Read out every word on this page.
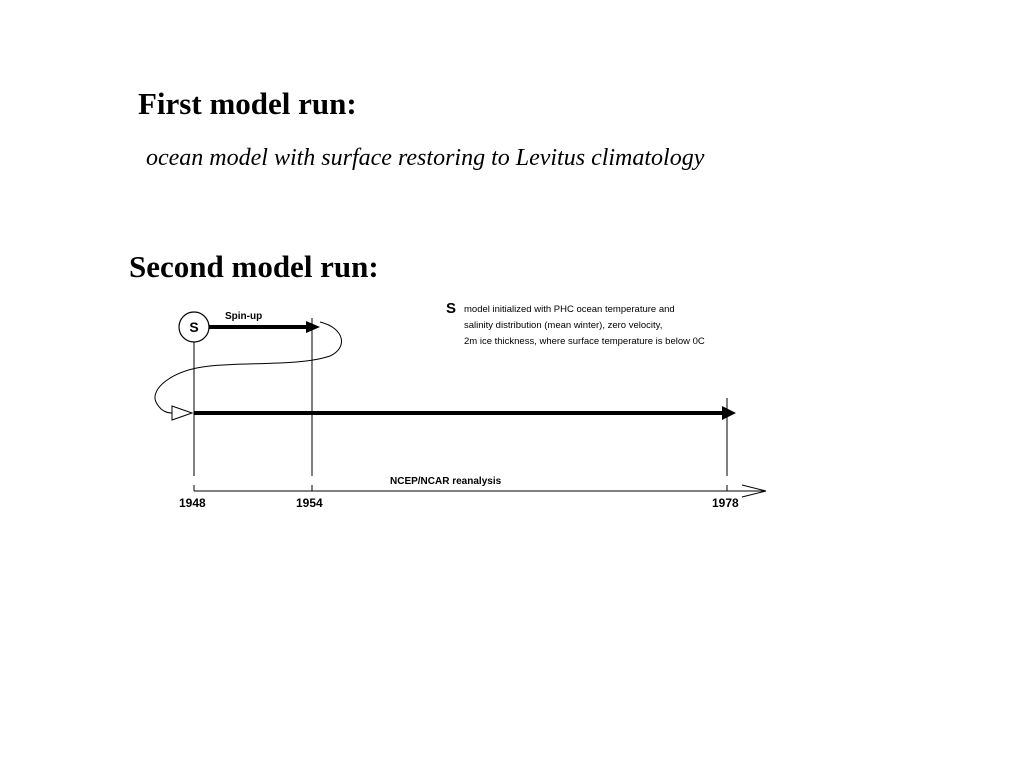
First model run:
ocean model with surface restoring to Levitus climatology
Second model run:
S
Spin-up
NCEP/NCAR reanalysis
1948	1954	1978
S model initialized with PHC ocean temperature and
salinity distribution (mean winter), zero velocity,
2m ice thickness, where surface temperature is below 0C
